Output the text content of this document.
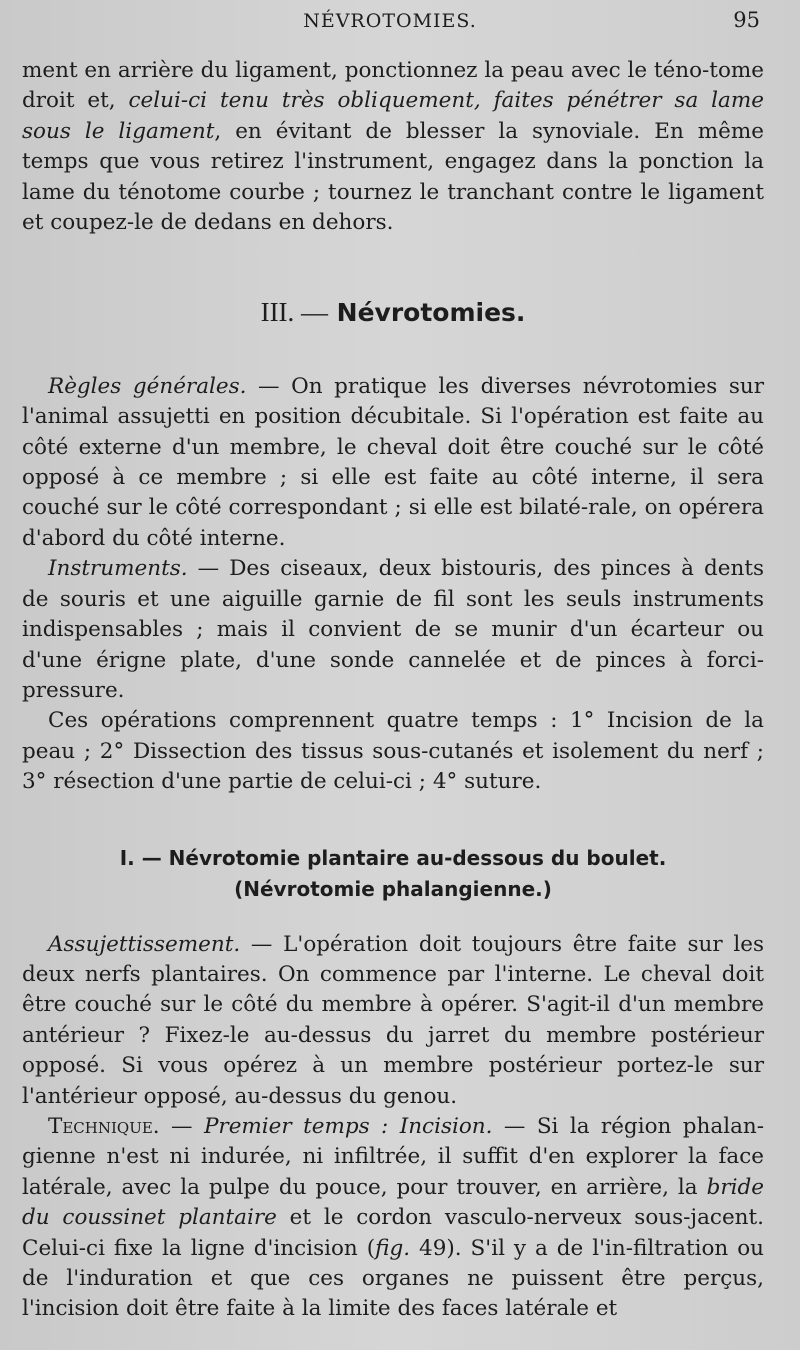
NÉVROTOMIES.	95

ment en arrière du ligament, ponctionnez la peau avec le téno-tome droit et, celui-ci tenu très obliquement, faites pénétrer sa lame sous le ligament, en évitant de blesser la synoviale. En même temps que vous retirez l'instrument, engagez dans la ponction la lame du ténotome courbe ; tournez le tranchant contre le ligament et coupez-le de dedans en dehors.

III. — Névrotomies.

Règles générales. — On pratique les diverses névrotomies sur l'animal assujetti en position décubitale. Si l'opération est faite au côté externe d'un membre, le cheval doit être couché sur le côté opposé à ce membre ; si elle est faite au côté interne, il sera couché sur le côté correspondant ; si elle est bilaté-rale, on opérera d'abord du côté interne.

Instruments. — Des ciseaux, deux bistouris, des pinces à dents de souris et une aiguille garnie de fil sont les seuls instruments indispensables ; mais il convient de se munir d'un écarteur ou d'une érigne plate, d'une sonde cannelée et de pinces à forci-pressure.

Ces opérations comprennent quatre temps : 1° Incision de la peau ; 2° Dissection des tissus sous-cutanés et isolement du nerf ; 3° résection d'une partie de celui-ci ; 4° suture.

I. — Névrotomie plantaire au-dessous du boulet.
(Névrotomie phalangienne.)

Assujettissement. — L'opération doit toujours être faite sur les deux nerfs plantaires. On commence par l'interne. Le cheval doit être couché sur le côté du membre à opérer. S'agit-il d'un membre antérieur ? Fixez-le au-dessus du jarret du membre postérieur opposé. Si vous opérez à un membre postérieur portez-le sur l'antérieur opposé, au-dessus du genou.

Technique. — Premier temps : Incision. — Si la région phalan-gienne n'est ni indurée, ni infiltrée, il suffit d'en explorer la face latérale, avec la pulpe du pouce, pour trouver, en arrière, la bride du coussinet plantaire et le cordon vasculo-nerveux sous-jacent. Celui-ci fixe la ligne d'incision (fig. 49). S'il y a de l'in-filtration ou de l'induration et que ces organes ne puissent être perçus, l'incision doit être faite à la limite des faces latérale et
